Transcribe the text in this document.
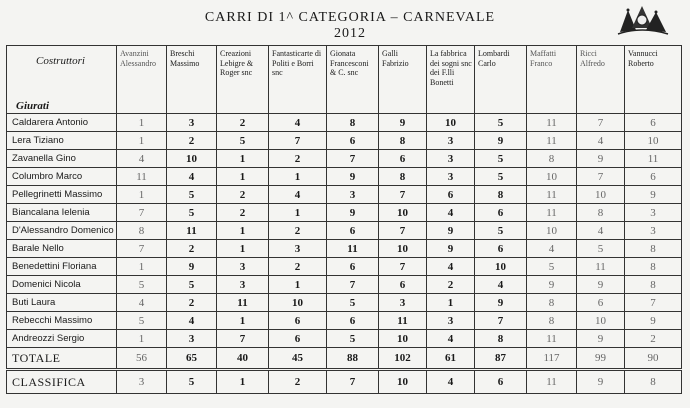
CARRI DI 1^ CATEGORIA – CARNEVALE 2012
Costruttori
Giurati	Avanzini Alessandro	Breschi Massimo	Creazioni Lebigre & Roger snc	Fantasticarte di Politi e Borri snc	Gionata Francesconi & C. snc	Galli Fabrizio	La fabbrica dei sogni snc dei F.lli Bonetti	Lombardi Carlo	Maffatti Franco	Ricci Alfredo	Vannucci Roberto
Caldarera Antonio	1	3	2	4	8	9	10	5	11	7	6
Lera Tiziano	1	2	5	7	6	8	3	9	11	4	10
Zavanella Gino	4	10	1	2	7	6	3	5	8	9	11
Columbro Marco	11	4	1	1	9	8	3	5	10	7	6
Pellegrinetti Massimo	1	5	2	4	3	7	6	8	11	10	9
Biancalana Ielenia	7	5	2	1	9	10	4	6	11	8	3
D'Alessandro Domenico	8	11	1	2	6	7	9	5	10	4	3
Barale Nello	7	2	1	3	11	10	9	6	4	5	8
Benedettini Floriana	1	9	3	2	6	7	4	10	5	11	8
Domenici Nicola	5	5	3	1	7	6	2	4	9	9	8
Buti Laura	4	2	11	10	5	3	1	9	8	6	7
Rebecchi Massimo	5	4	1	6	6	11	3	7	8	10	9
Andreozzi Sergio	1	3	7	6	5	10	4	8	11	9	2
TOTALE	56	65	40	45	88	102	61	87	117	99	90
CLASSIFICA	3	5	1	2	7	10	4	6	11	9	8
